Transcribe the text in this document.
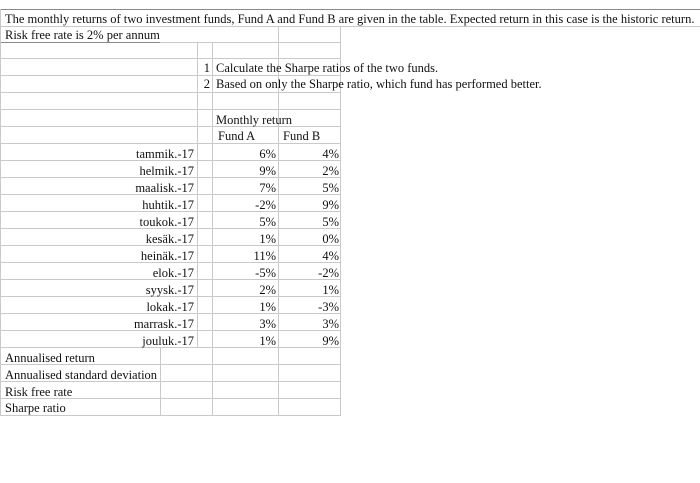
The monthly returns of two investment funds, Fund A and Fund B are given in the table. Expected return in this case is the historic return.
Risk free rate is 2% per annum
1 Calculate the Sharpe ratios of the two funds.
2 Based on only the Sharpe ratio, which fund has performed better.
Monthly return
Fund A Fund B
tammik.-17	6%	4%
helmik.-17	9%	2%
maalisk.-17	7%	5%
huhtik.-17	-2%	9%
toukok.-17	5%	5%
kesäk.-17	1%	0%
heinäk.-17	11%	4%
elok.-17	-5%	-2%
syysk.-17	2%	1%
lokak.-17	1%	-3%
marrask.-17	3%	3%
jouluk.-17	1%	9%
Annualised return
Annualised standard deviation
Risk free rate
Sharpe ratio
